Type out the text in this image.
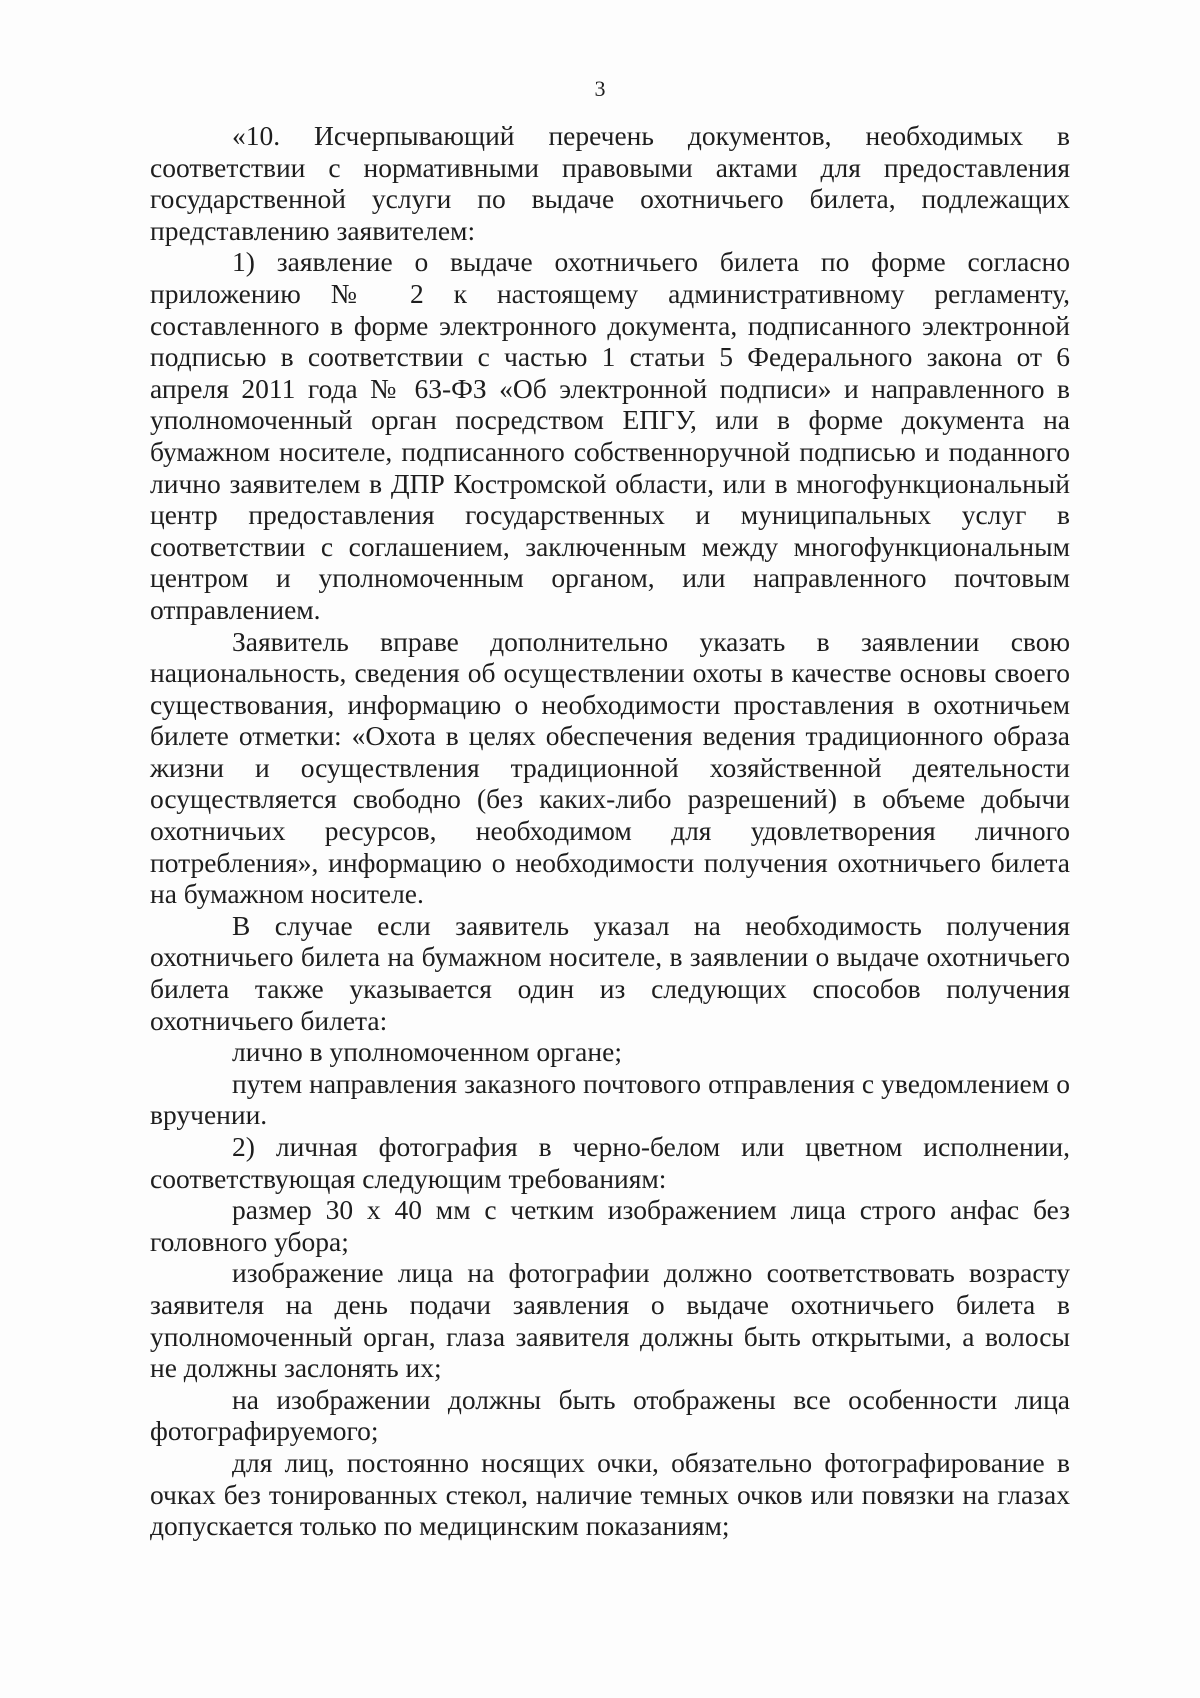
3

«10. Исчерпывающий перечень документов, необходимых в соответствии с нормативными правовыми актами для предоставления государственной услуги по выдаче охотничьего билета, подлежащих представлению заявителем:

1) заявление о выдаче охотничьего билета по форме согласно приложению № 2 к настоящему административному регламенту, составленного в форме электронного документа, подписанного электронной подписью в соответствии с частью 1 статьи 5 Федерального закона от 6 апреля 2011 года № 63-ФЗ «Об электронной подписи» и направленного в уполномоченный орган посредством ЕПГУ, или в форме документа на бумажном носителе, подписанного собственноручной подписью и поданного лично заявителем в ДПР Костромской области, или в многофункциональный центр предоставления государственных и муниципальных услуг в соответствии с соглашением, заключенным между многофункциональным центром и уполномоченным органом, или направленного почтовым отправлением.

Заявитель вправе дополнительно указать в заявлении свою национальность, сведения об осуществлении охоты в качестве основы своего существования, информацию о необходимости проставления в охотничьем билете отметки: «Охота в целях обеспечения ведения традиционного образа жизни и осуществления традиционной хозяйственной деятельности осуществляется свободно (без каких-либо разрешений) в объеме добычи охотничьих ресурсов, необходимом для удовлетворения личного потребления», информацию о необходимости получения охотничьего билета на бумажном носителе.

В случае если заявитель указал на необходимость получения охотничьего билета на бумажном носителе, в заявлении о выдаче охотничьего билета также указывается один из следующих способов получения охотничьего билета:

лично в уполномоченном органе;

путем направления заказного почтового отправления с уведомлением о вручении.

2) личная фотография в черно-белом или цветном исполнении, соответствующая следующим требованиям:

размер 30 х 40 мм с четким изображением лица строго анфас без головного убора;

изображение лица на фотографии должно соответствовать возрасту заявителя на день подачи заявления о выдаче охотничьего билета в уполномоченный орган, глаза заявителя должны быть открытыми, а волосы не должны заслонять их;

на изображении должны быть отображены все особенности лица фотографируемого;

для лиц, постоянно носящих очки, обязательно фотографирование в очках без тонированных стекол, наличие темных очков или повязки на глазах допускается только по медицинским показаниям;
